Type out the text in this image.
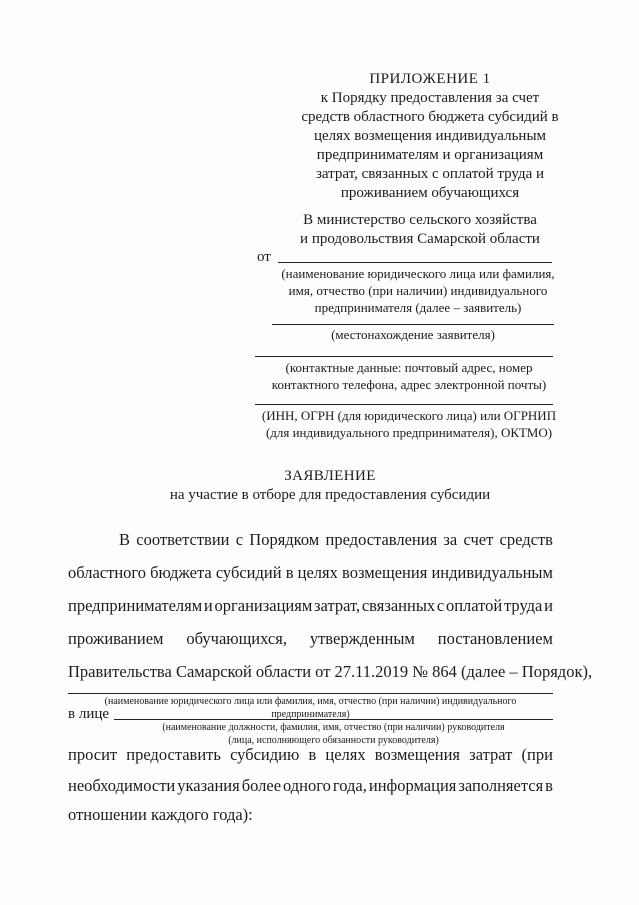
ПРИЛОЖЕНИЕ 1
к Порядку предоставления за счет
средств областного бюджета субсидий в
целях возмещения индивидуальным
предпринимателям и организациям
затрат, связанных с оплатой труда и
проживанием обучающихся
В министерство сельского хозяйства
и продовольствия Самарской области
от
(наименование юридического лица или фамилия,
имя, отчество (при наличии) индивидуального
предпринимателя (далее – заявитель)
(местонахождение заявителя)
(контактные данные: почтовый адрес, номер
контактного телефона, адрес электронной почты)
(ИНН, ОГРН (для юридического лица) или ОГРНИП
(для индивидуального предпринимателя), ОКТМО)
ЗАЯВЛЕНИЕ
на участие в отборе для предоставления субсидии
В соответствии с Порядком предоставления за счет средств
областного бюджета субсидий в целях возмещения индивидуальным
предпринимателям и организациям затрат, связанных с оплатой труда и
проживанием обучающихся, утвержденным постановлением
Правительства Самарской области от 27.11.2019 № 864 (далее – Порядок),
(наименование юридического лица или фамилия, имя, отчество (при наличии) индивидуального
предпринимателя)
в лице
(наименование должности, фамилия, имя, отчество (при наличии) руководителя
(лица, исполняющего обязанности руководителя)
просит предоставить субсидию в целях возмещения затрат (при
необходимости указания более одного года, информация заполняется в
отношении каждого года):
